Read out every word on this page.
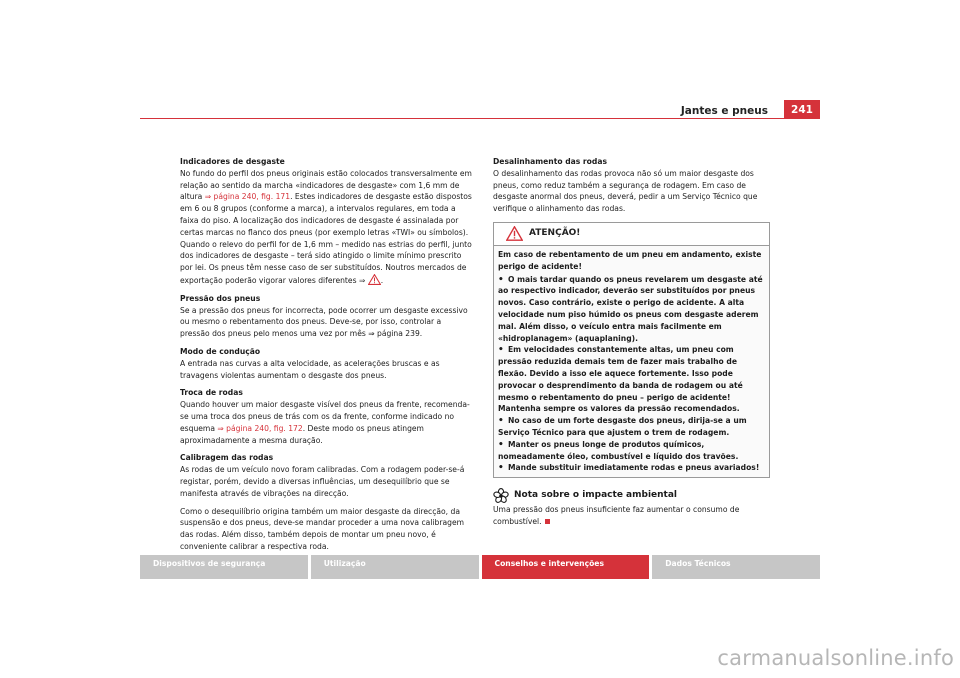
Jantes e pneus	241
Indicadores de desgaste
No fundo do perfil dos pneus originais estão colocados transversalmente em relação ao sentido da marcha «indicadores de desgaste» com 1,6 mm de altura ⇒ página 240, fig. 171. Estes indicadores de desgaste estão dispostos em 6 ou 8 grupos (conforme a marca), a intervalos regulares, em toda a faixa do piso. A localização dos indicadores de desgaste é assinalada por certas marcas no flanco dos pneus (por exemplo letras «TWI» ou símbolos). Quando o relevo do perfil for de 1,6 mm – medido nas estrias do perfil, junto dos indicadores de desgaste – terá sido atingido o limite mínimo prescrito por lei. Os pneus têm nesse caso de ser substituídos. Noutros mercados de exportação poderão vigorar valores diferentes ⇒ .
Pressão dos pneus
Se a pressão dos pneus for incorrecta, pode ocorrer um desgaste excessivo ou mesmo o rebentamento dos pneus. Deve-se, por isso, controlar a pressão dos pneus pelo menos uma vez por mês ⇒ página 239.
Modo de condução
A entrada nas curvas a alta velocidade, as acelerações bruscas e as travagens violentas aumentam o desgaste dos pneus.
Troca de rodas
Quando houver um maior desgaste visível dos pneus da frente, recomenda-se uma troca dos pneus de trás com os da frente, conforme indicado no esquema ⇒ página 240, fig. 172. Deste modo os pneus atingem aproximadamente a mesma duração.
Calibragem das rodas
As rodas de um veículo novo foram calibradas. Com a rodagem poder-se-á registar, porém, devido a diversas influências, um desequilíbrio que se manifesta através de vibrações na direcção.
Como o desequilíbrio origina também um maior desgaste da direcção, da suspensão e dos pneus, deve-se mandar proceder a uma nova calibragem das rodas. Além disso, também depois de montar um pneu novo, é conveniente calibrar a respectiva roda.
Desalinhamento das rodas
O desalinhamento das rodas provoca não só um maior desgaste dos pneus, como reduz também a segurança de rodagem. Em caso de desgaste anormal dos pneus, deverá, pedir a um Serviço Técnico que verifique o alinhamento das rodas.
ATENÇÃO!
Em caso de rebentamento de um pneu em andamento, existe perigo de acidente!
• O mais tardar quando os pneus revelarem um desgaste até ao respectivo indicador, deverão ser substituídos por pneus novos. Caso contrário, existe o perigo de acidente. A alta velocidade num piso húmido os pneus com desgaste aderem mal. Além disso, o veículo entra mais facilmente em «hidroplanagem» (aquaplaning).
• Em velocidades constantemente altas, um pneu com pressão reduzida demais tem de fazer mais trabalho de flexão. Devido a isso ele aquece fortemente. Isso pode provocar o desprendimento da banda de rodagem ou até mesmo o rebentamento do pneu – perigo de acidente! Mantenha sempre os valores da pressão recomendados.
• No caso de um forte desgaste dos pneus, dirija-se a um Serviço Técnico para que ajustem o trem de rodagem.
• Manter os pneus longe de produtos químicos, nomeadamente óleo, combustível e líquido dos travões.
• Mande substituir imediatamente rodas e pneus avariados!
Nota sobre o impacte ambiental
Uma pressão dos pneus insuficiente faz aumentar o consumo de combustível.
Dispositivos de segurança	Utilização	Conselhos e intervenções	Dados Técnicos
carmanualsonline.info
